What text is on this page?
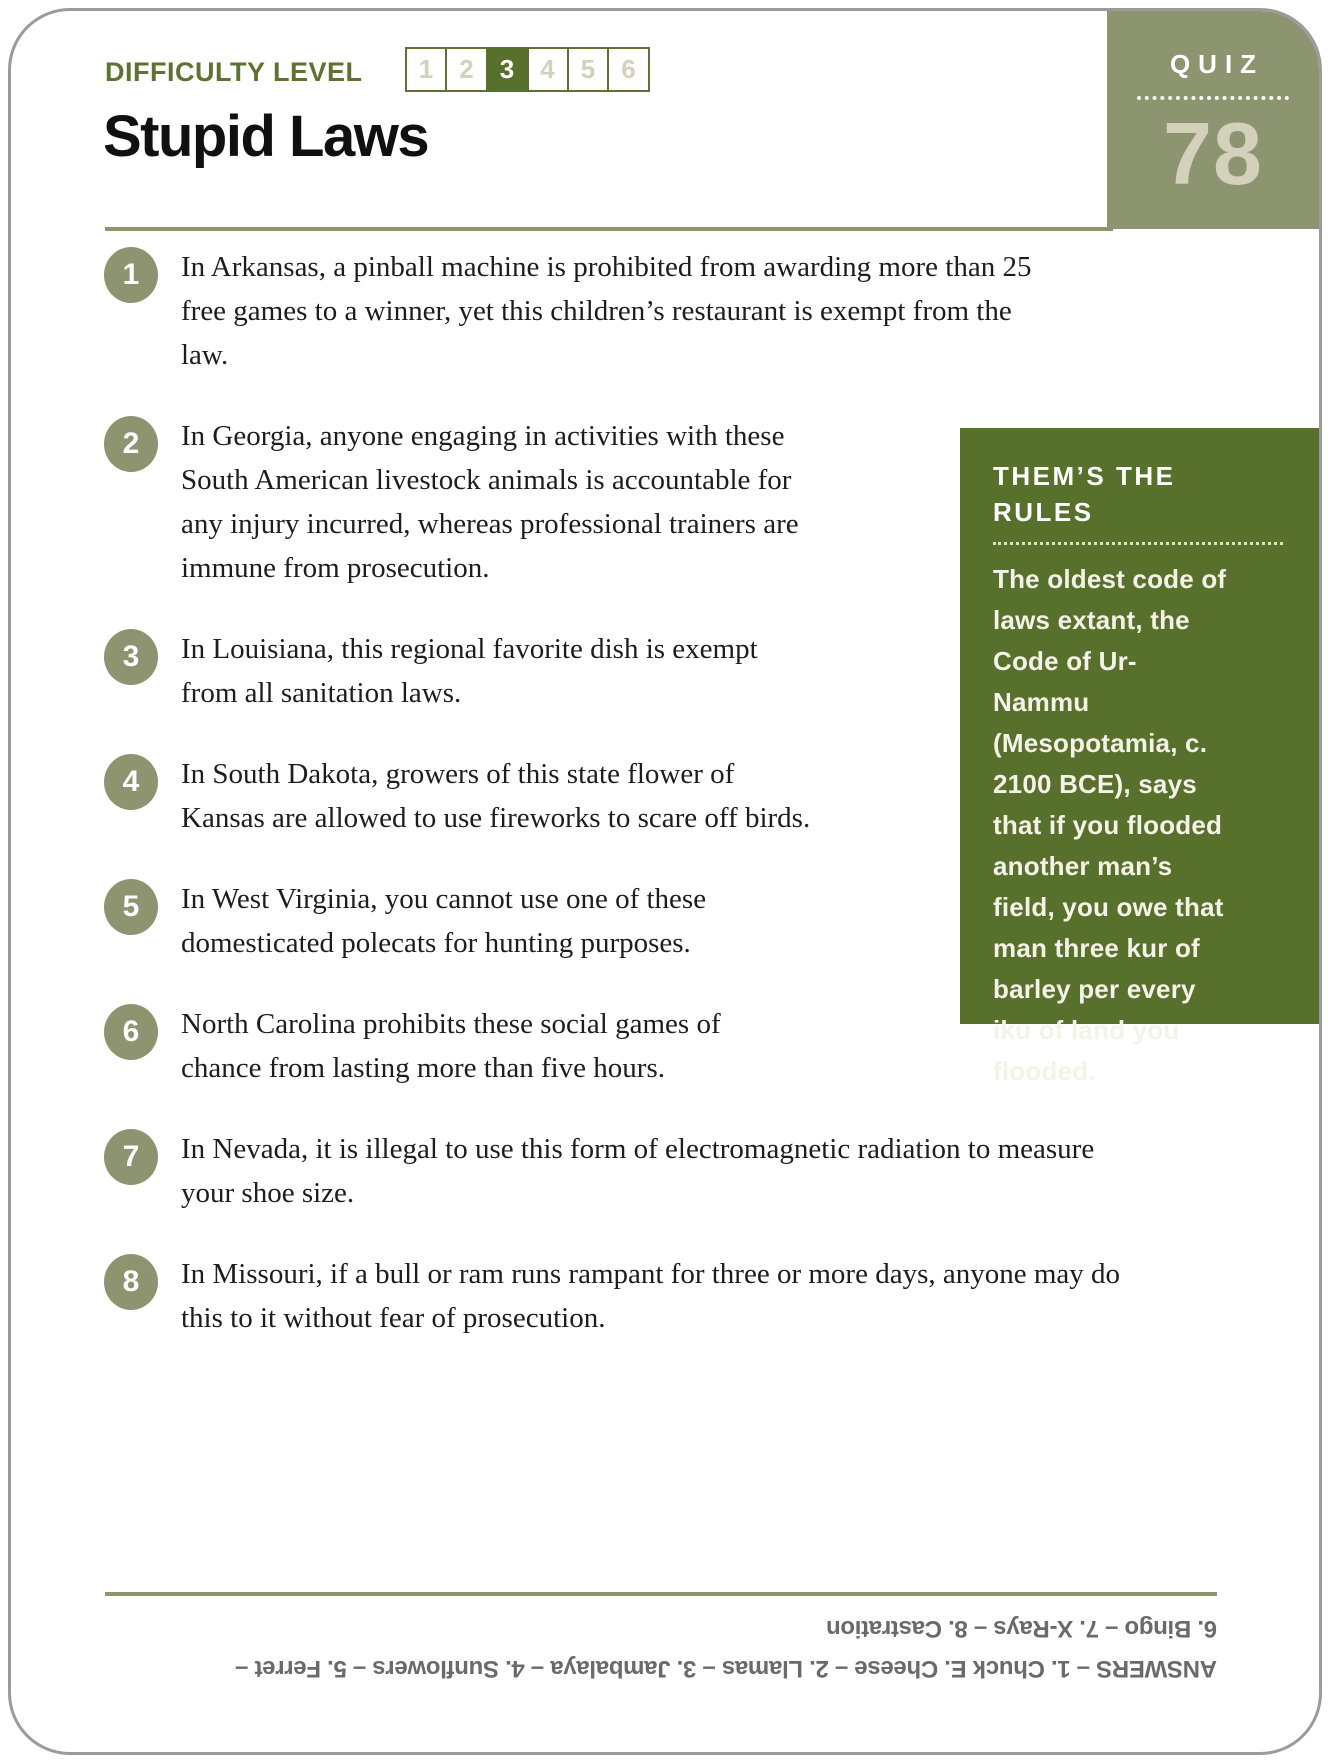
QUIZ
78
DIFFICULTY LEVEL	1	2	3	4	5	6
Stupid Laws
1	In Arkansas, a pinball machine is prohibited from awarding more than 25 free games to a winner, yet this children’s restaurant is exempt from the law.

2	In Georgia, anyone engaging in activities with these South American livestock animals is accountable for any injury incurred, whereas professional trainers are immune from prosecution.

3	In Louisiana, this regional favorite dish is exempt from all sanitation laws.

4	In South Dakota, growers of this state flower of Kansas are allowed to use fireworks to scare off birds.

5	In West Virginia, you cannot use one of these domesticated polecats for hunting purposes.

6	North Carolina prohibits these social games of chance from lasting more than five hours.

7	In Nevada, it is illegal to use this form of electromagnetic radiation to measure your shoe size.

8	In Missouri, if a bull or ram runs rampant for three or more days, anyone may do this to it without fear of prosecution.

THEM’S THE RULES

The oldest code of laws extant, the Code of Ur-Nammu (Mesopotamia, c. 2100 BCE), says that if you flooded another man’s field, you owe that man three kur of barley per every iku of land you flooded.

ANSWERS – 1. Chuck E. Cheese – 2. Llamas – 3. Jambalaya – 4. Sunflowers – 5. Ferret –

6. Bingo – 7. X-Rays – 8. Castration
